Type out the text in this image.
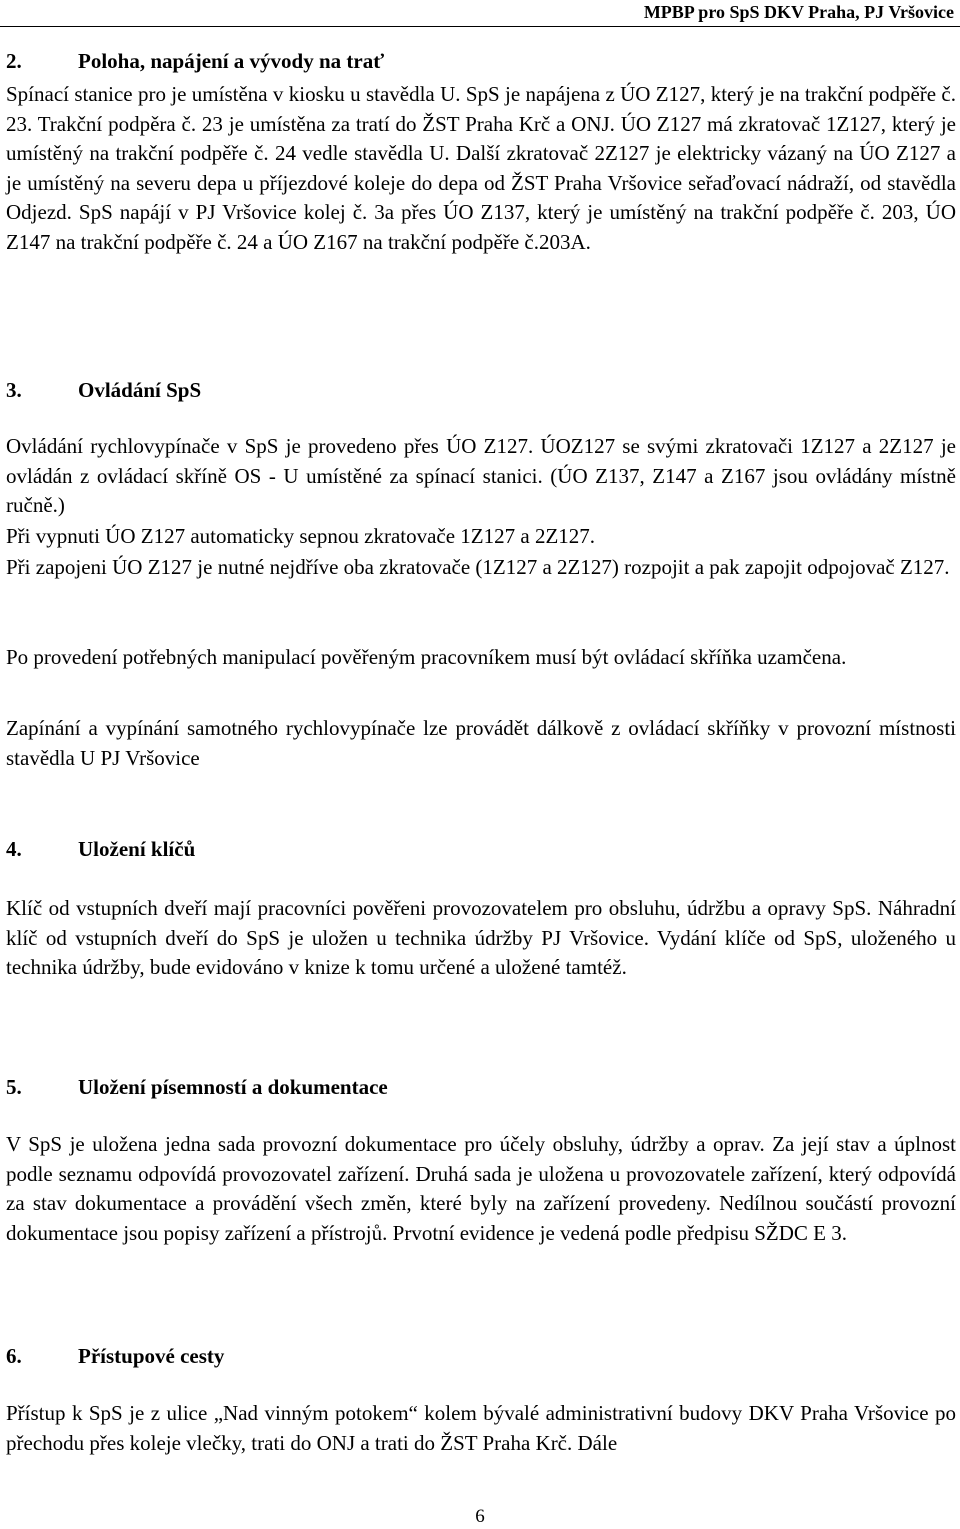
MPBP pro SpS DKV Praha, PJ Vršovice
2.	Poloha, napájení a vývody na trať

Spínací stanice pro je umístěna v kiosku u stavědla U. SpS je napájena z ÚO Z127, který je na trakční podpěře č. 23. Trakční podpěra č. 23 je umístěna za tratí do ŽST Praha Krč a ONJ. ÚO Z127 má zkratovač 1Z127, který je umístěný na trakční podpěře č. 24 vedle stavědla U. Další zkratovač 2Z127 je elektricky vázaný na ÚO Z127 a je umístěný na severu depa u příjezdové koleje do depa od ŽST Praha Vršovice seřaďovací nádraží, od stavědla Odjezd. SpS napájí v PJ Vršovice kolej č. 3a přes ÚO Z137, který je umístěný na trakční podpěře č. 203, ÚO Z147 na trakční podpěře č. 24 a ÚO Z167 na trakční podpěře č.203A.

3.	Ovládání SpS

Ovládání rychlovypínače v SpS je provedeno přes ÚO Z127. ÚOZ127 se svými zkratovači 1Z127 a 2Z127 je ovládán z ovládací skříně OS - U umístěné za spínací stanici. (ÚO Z137, Z147 a Z167 jsou ovládány místně ručně.)

Při vypnuti ÚO Z127 automaticky sepnou zkratovače 1Z127 a 2Z127.

Při zapojeni ÚO Z127 je nutné nejdříve oba zkratovače (1Z127 a 2Z127) rozpojit a pak zapojit odpojovač Z127.

Po provedení potřebných manipulací pověřeným pracovníkem musí být ovládací skříňka uzamčena.

Zapínání a vypínání samotného rychlovypínače lze provádět dálkově z ovládací skříňky v provozní místnosti stavědla U PJ Vršovice

4.	Uložení klíčů

Klíč od vstupních dveří mají pracovníci pověřeni provozovatelem pro obsluhu, údržbu a opravy SpS. Náhradní klíč od vstupních dveří do SpS je uložen u technika údržby PJ Vršovice. Vydání klíče od SpS, uloženého u technika údržby, bude evidováno v knize k tomu určené a uložené tamtéž.

5.	Uložení písemností a dokumentace

V SpS je uložena jedna sada provozní dokumentace pro účely obsluhy, údržby a oprav. Za její stav a úplnost podle seznamu odpovídá provozovatel zařízení. Druhá sada je uložena u provozovatele zařízení, který odpovídá za stav dokumentace a provádění všech změn, které byly na zařízení provedeny. Nedílnou součástí provozní dokumentace jsou popisy zařízení a přístrojů. Prvotní evidence je vedená podle předpisu SŽDC E 3.

6.	Přístupové cesty

Přístup k SpS je z ulice „Nad vinným potokem“ kolem bývalé administrativní budovy DKV Praha Vršovice po přechodu přes koleje vlečky, trati do ONJ a trati do ŽST Praha Krč. Dále

6
